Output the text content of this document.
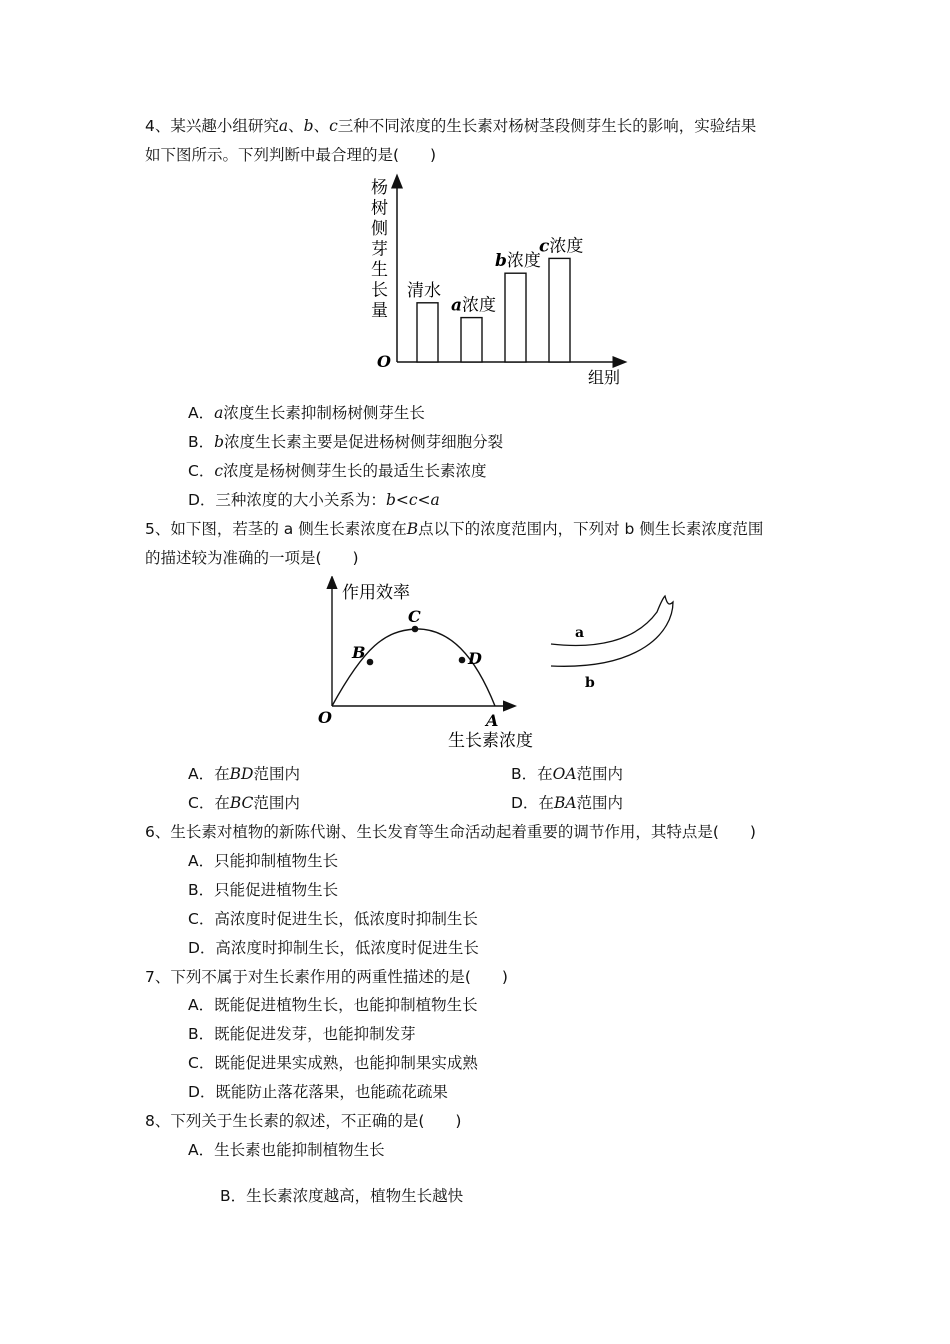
4、某兴趣小组研究a、b、c三种不同浓度的生长素对杨树茎段侧芽生长的影响，实验结果
如下图所示。下列判断中最合理的是(　　)
杨
树
侧
芽
生
长
量
O
组别
清水
a浓度
b浓度
c浓度
A．a浓度生长素抑制杨树侧芽生长
B．b浓度生长素主要是促进杨树侧芽细胞分裂
C．c浓度是杨树侧芽生长的最适生长素浓度
D．三种浓度的大小关系为：b<c<a
5、如下图，若茎的 a 侧生长素浓度在B点以下的浓度范围内，下列对 b 侧生长素浓度范围
的描述较为准确的一项是(　　)
作用效率
生长素浓度
O	A
B
C
D
a
b
A．在BD范围内	B．在OA范围内
C．在BC范围内	D．在BA范围内
6、生长素对植物的新陈代谢、生长发育等生命活动起着重要的调节作用，其特点是(　　)
A．只能抑制植物生长
B．只能促进植物生长
C．高浓度时促进生长，低浓度时抑制生长
D．高浓度时抑制生长，低浓度时促进生长
7、下列不属于对生长素作用的两重性描述的是(　　)
A．既能促进植物生长，也能抑制植物生长
B．既能促进发芽，也能抑制发芽
C．既能促进果实成熟，也能抑制果实成熟
D．既能防止落花落果，也能疏花疏果
8、下列关于生长素的叙述，不正确的是(　　)
A．生长素也能抑制植物生长
B．生长素浓度越高，植物生长越快
